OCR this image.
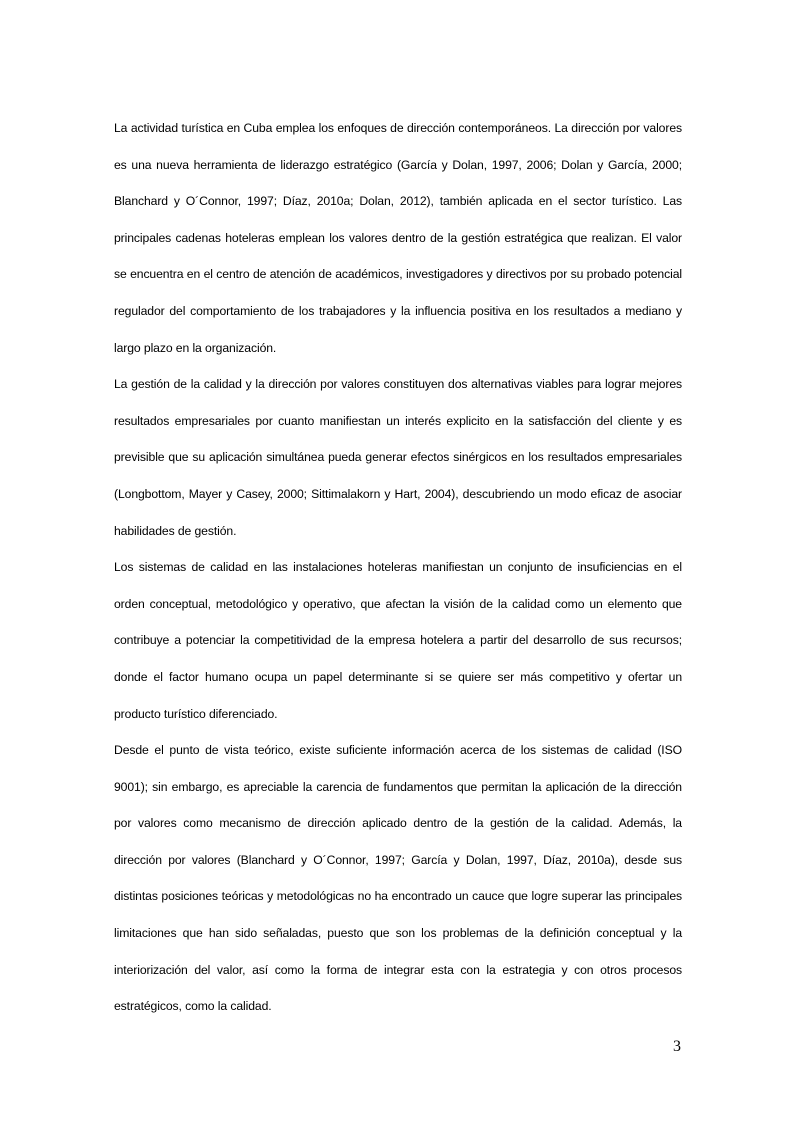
La actividad turística en Cuba emplea los enfoques de dirección contemporáneos. La dirección por valores es una nueva herramienta de liderazgo estratégico (García y Dolan, 1997, 2006; Dolan y García, 2000; Blanchard y O´Connor, 1997; Díaz, 2010a; Dolan, 2012), también aplicada en el sector turístico. Las principales cadenas hoteleras emplean los valores dentro de la gestión estratégica que realizan. El valor se encuentra en el centro de atención de académicos, investigadores y directivos por su probado potencial regulador del comportamiento de los trabajadores y la influencia positiva en los resultados a mediano y largo plazo en la organización.

La gestión de la calidad y la dirección por valores constituyen dos alternativas viables para lograr mejores resultados empresariales por cuanto manifiestan un interés explicito en la satisfacción del cliente y es previsible que su aplicación simultánea pueda generar efectos sinérgicos en los resultados empresariales (Longbottom, Mayer y Casey, 2000; Sittimalakorn y Hart, 2004), descubriendo un modo eficaz de asociar habilidades de gestión.

Los sistemas de calidad en las instalaciones hoteleras manifiestan un conjunto de insuficiencias en el orden conceptual, metodológico y operativo, que afectan la visión de la calidad como un elemento que contribuye a potenciar la competitividad de la empresa hotelera a partir del desarrollo de sus recursos; donde el factor humano ocupa un papel determinante si se quiere ser más competitivo y ofertar un producto turístico diferenciado.

Desde el punto de vista teórico, existe suficiente información acerca de los sistemas de calidad (ISO 9001); sin embargo, es apreciable la carencia de fundamentos que permitan la aplicación de la dirección por valores como mecanismo de dirección aplicado dentro de la gestión de la calidad. Además, la dirección por valores (Blanchard y O´Connor, 1997; García y Dolan, 1997, Díaz, 2010a), desde sus distintas posiciones teóricas y metodológicas no ha encontrado un cauce que logre superar las principales limitaciones que han sido señaladas, puesto que son los problemas de la definición conceptual y la interiorización del valor, así como la forma de integrar esta con la estrategia y con otros procesos estratégicos, como la calidad.

3
